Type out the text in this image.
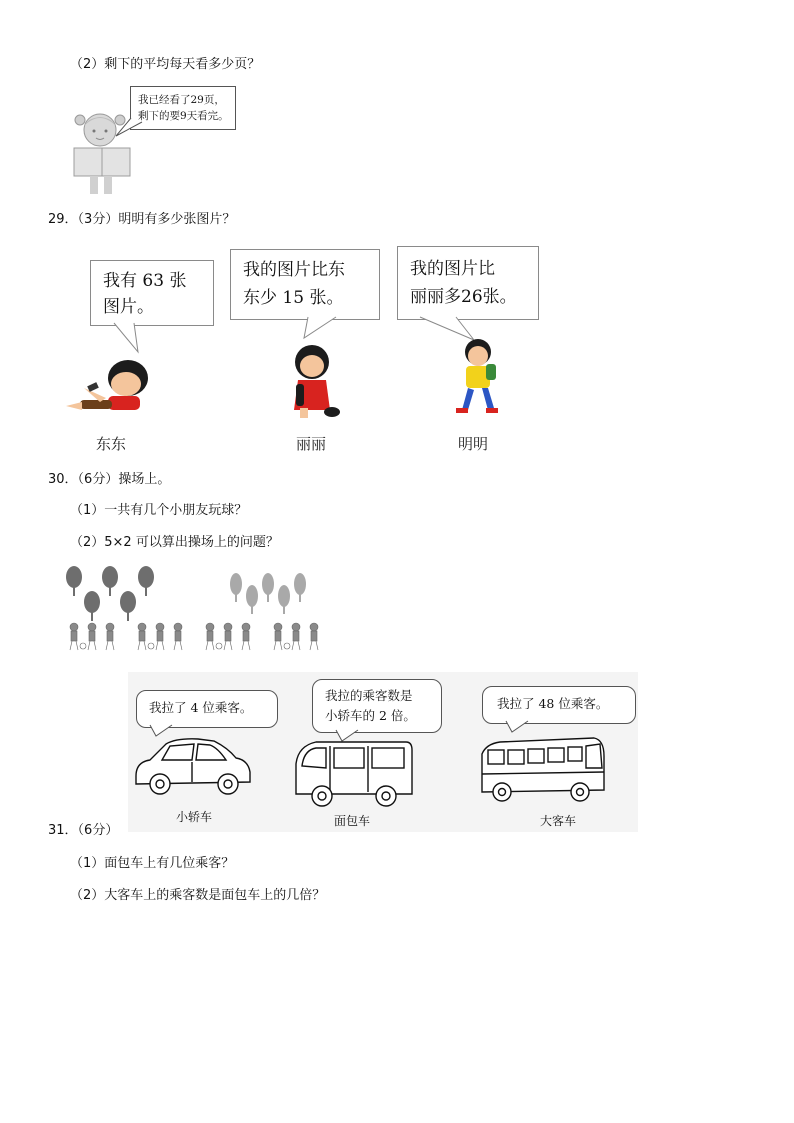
（2）剩下的平均每天看多少页？
我已经看了29页，
剩下的要9天看完。
29．（3分）明明有多少张图片？
我有 63 张
图片。
我的图片比东
东少 15 张。
我的图片比
丽丽多26张。
东东	丽丽	明明
30．（6分）操场上。
（1）一共有几个小朋友玩球？
（2）5×2 可以算出操场上的问题？
我拉了 4 位乘客。
我拉的乘客数是
小轿车的 2 倍。
我拉了 48 位乘客。
小轿车	面包车	大客车
31．（6分）
（1）面包车上有几位乘客？
（2）大客车上的乘客数是面包车上的几倍？
